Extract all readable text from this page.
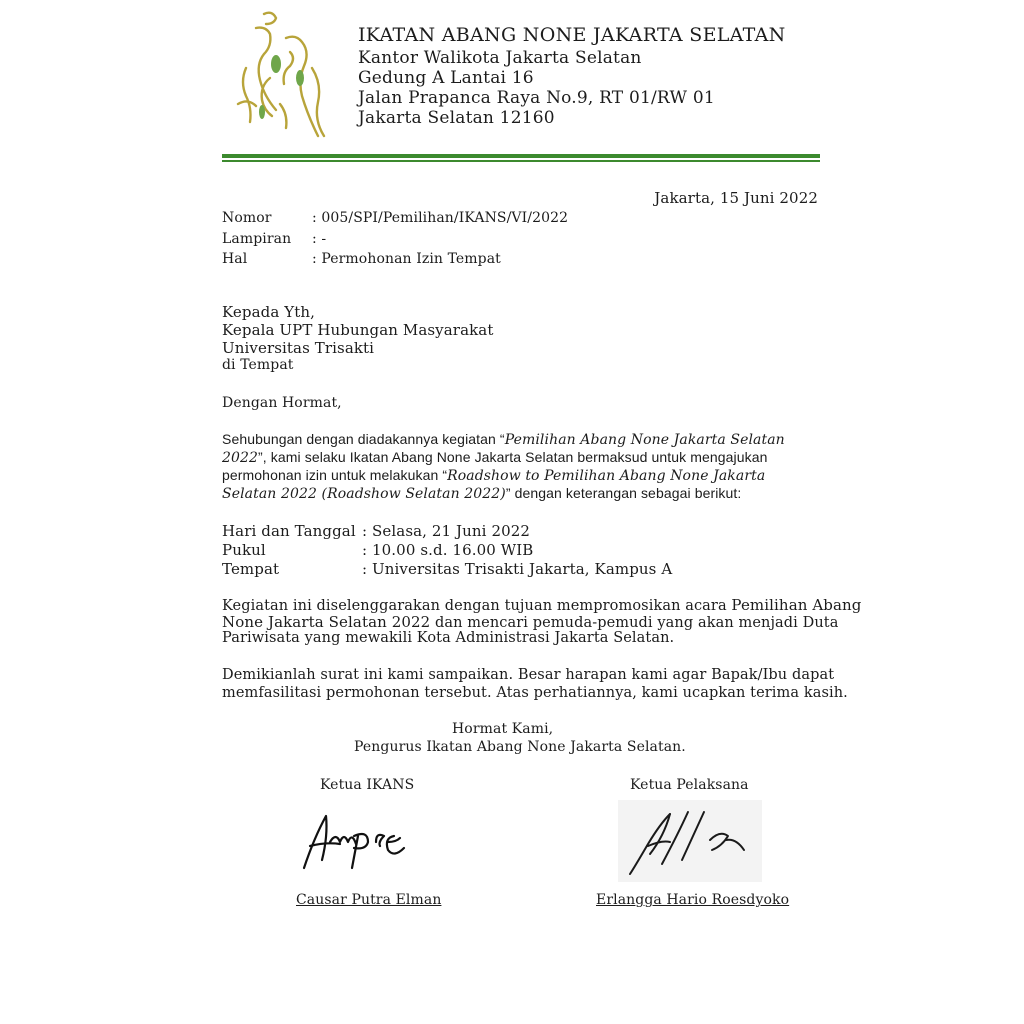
IKATAN ABANG NONE JAKARTA SELATAN
Kantor Walikota Jakarta Selatan
Gedung A Lantai 16
Jalan Prapanca Raya No.9, RT 01/RW 01
Jakarta Selatan 12160
Jakarta, 15 Juni 2022
Nomor	: 005/SPI/Pemilihan/IKANS/VI/2022
Lampiran : -
Hal	: Permohonan Izin Tempat
Kepada Yth,
Kepala UPT Hubungan Masyarakat
Universitas Trisakti
di Tempat
Dengan Hormat,
Sehubungan dengan diadakannya kegiatan “Pemilihan Abang None Jakarta Selatan
2022”, kami selaku Ikatan Abang None Jakarta Selatan bermaksud untuk mengajukan
permohonan izin untuk melakukan “Roadshow to Pemilihan Abang None Jakarta
Selatan 2022 (Roadshow Selatan 2022)” dengan keterangan sebagai berikut:
Hari dan Tanggal : Selasa, 21 Juni 2022
Pukul	: 10.00 s.d. 16.00 WIB
Tempat	: Universitas Trisakti Jakarta, Kampus A
Kegiatan ini diselenggarakan dengan tujuan mempromosikan acara Pemilihan Abang
None Jakarta Selatan 2022 dan mencari pemuda-pemudi yang akan menjadi Duta
Pariwisata yang mewakili Kota Administrasi Jakarta Selatan.
Demikianlah surat ini kami sampaikan. Besar harapan kami agar Bapak/Ibu dapat
memfasilitasi permohonan tersebut. Atas perhatiannya, kami ucapkan terima kasih.
Hormat Kami,
Pengurus Ikatan Abang None Jakarta Selatan.
Ketua IKANS	Ketua Pelaksana
Causar Putra Elman	Erlangga Hario Roesdyoko
